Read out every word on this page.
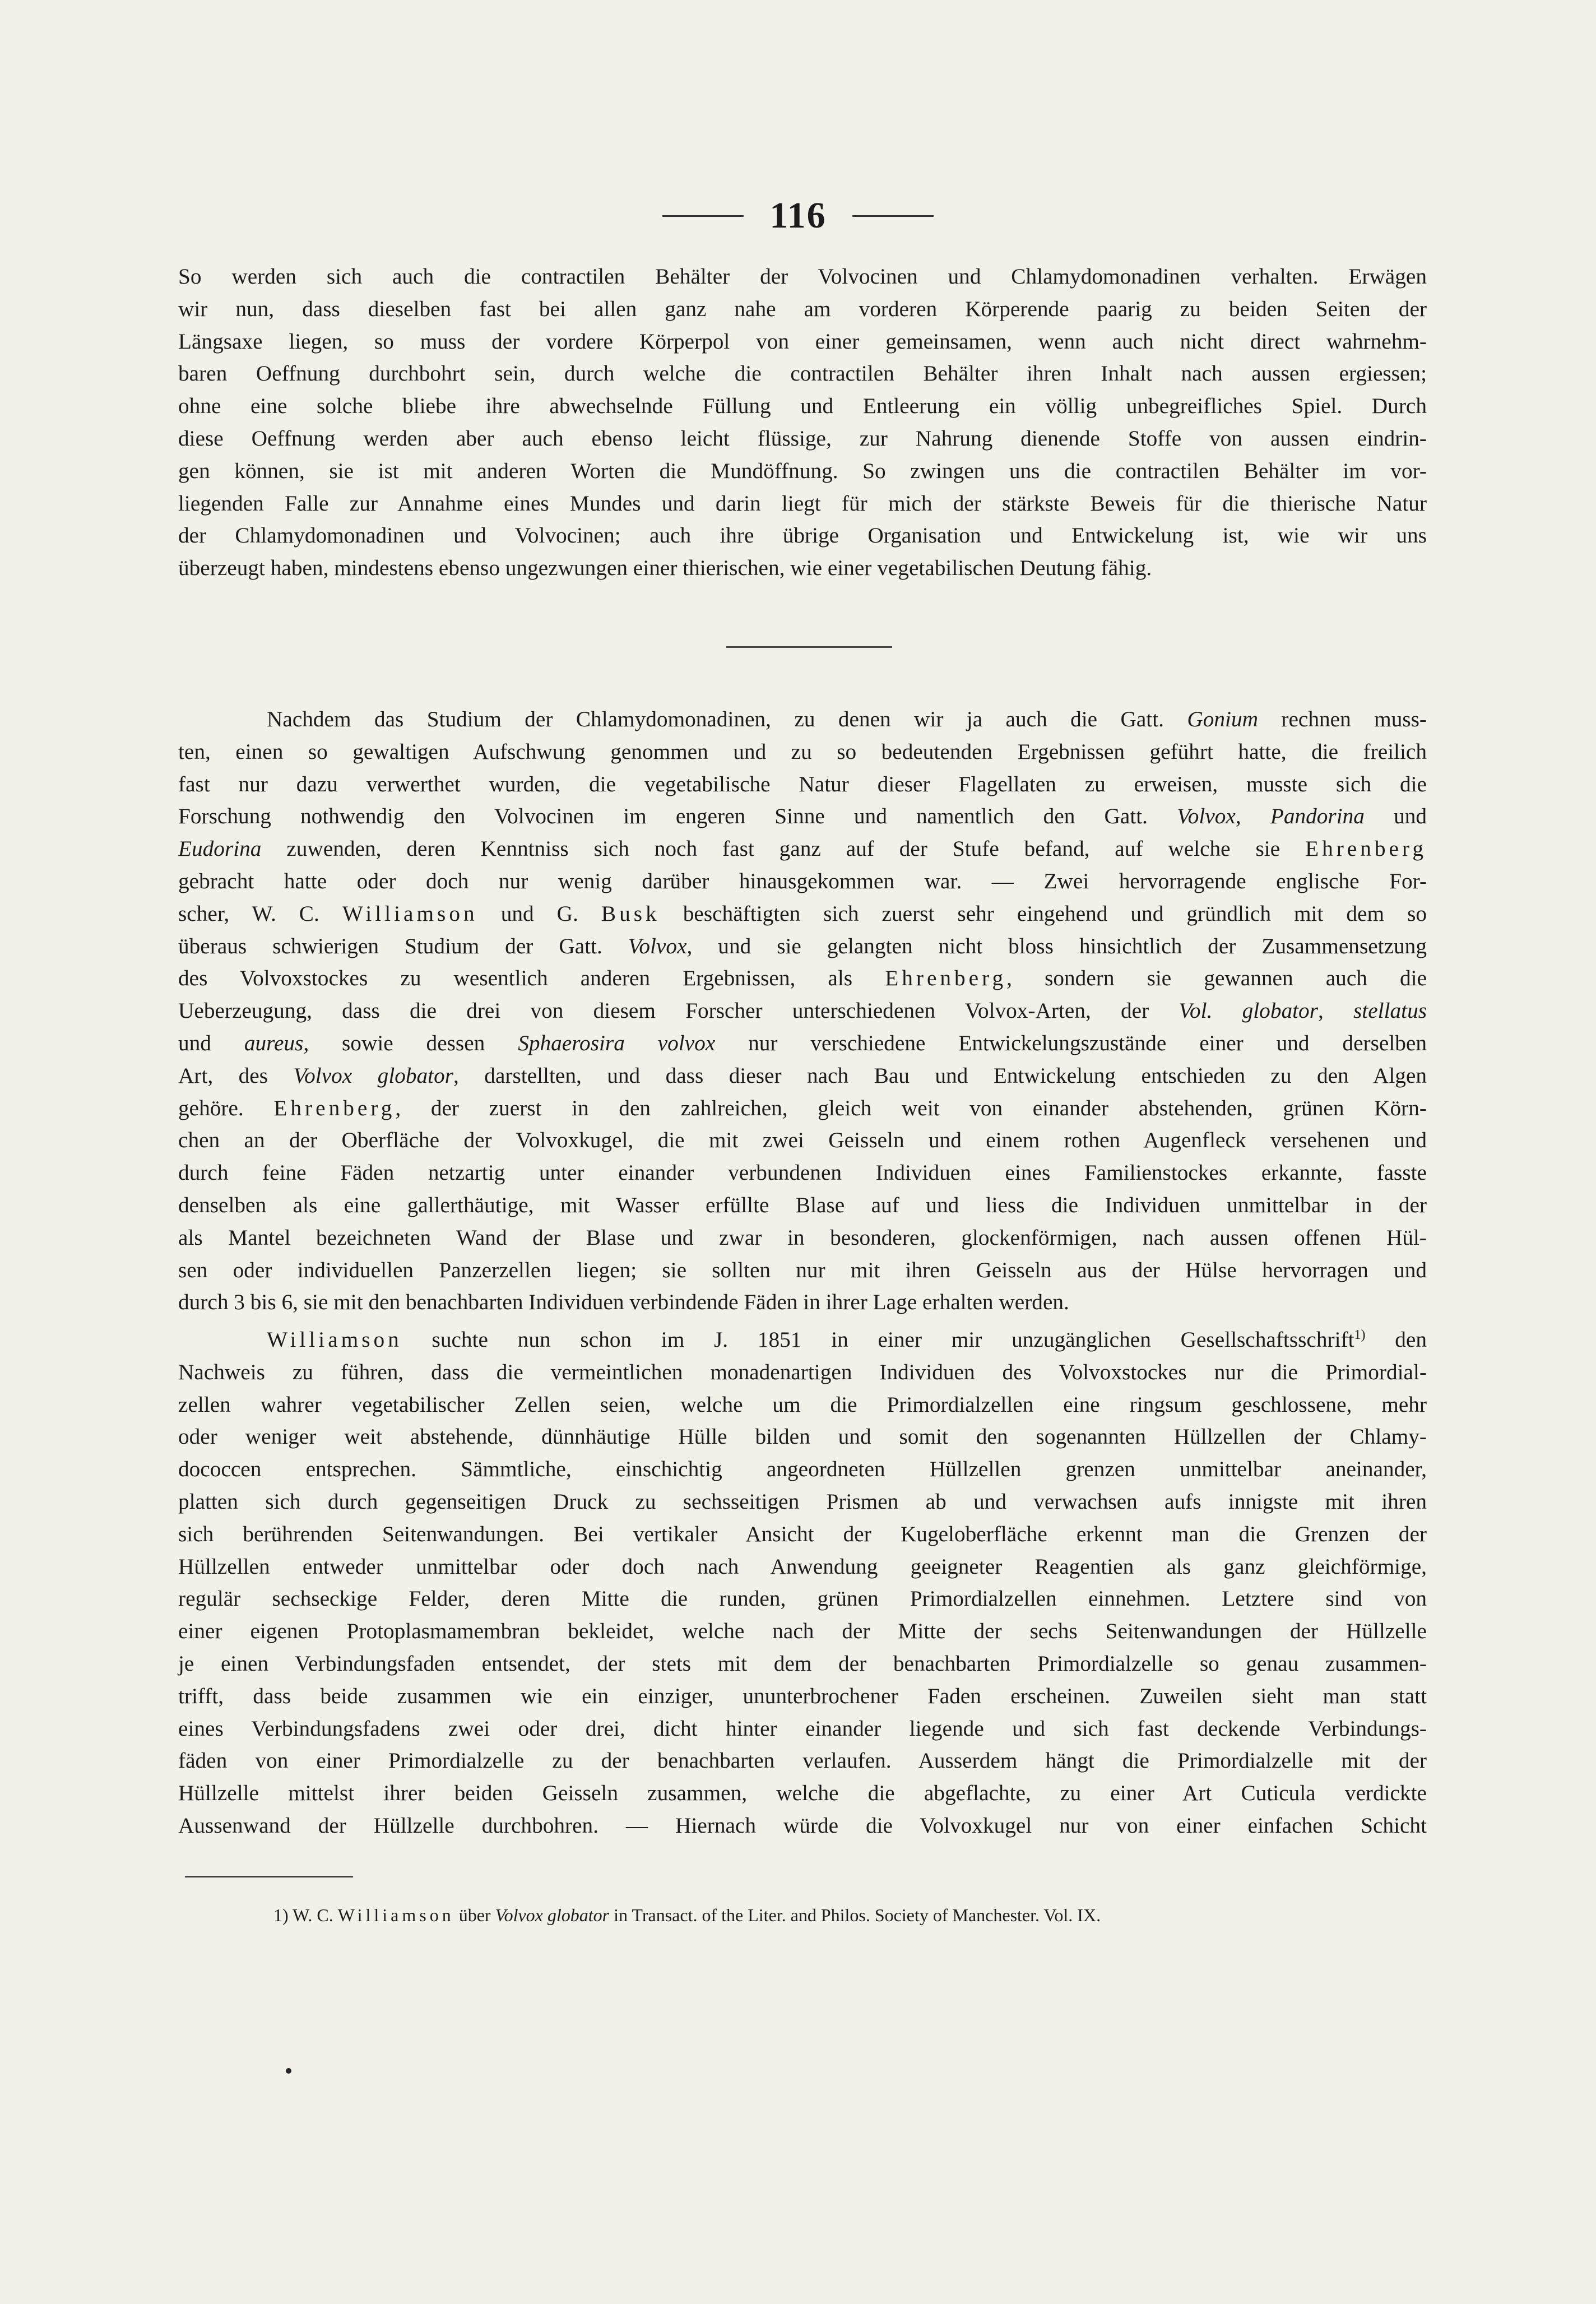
116
So werden sich auch die contractilen Behälter der Volvocinen und Chlamydomonadinen verhalten. Erwägen
wir nun, dass dieselben fast bei allen ganz nahe am vorderen Körperende paarig zu beiden Seiten der
Längsaxe liegen, so muss der vordere Körperpol von einer gemeinsamen, wenn auch nicht direct wahrnehm-
baren Oeffnung durchbohrt sein, durch welche die contractilen Behälter ihren Inhalt nach aussen ergiessen;
ohne eine solche bliebe ihre abwechselnde Füllung und Entleerung ein völlig unbegreifliches Spiel. Durch
diese Oeffnung werden aber auch ebenso leicht flüssige, zur Nahrung dienende Stoffe von aussen eindrin-
gen können, sie ist mit anderen Worten die Mundöffnung. So zwingen uns die contractilen Behälter im vor-
liegenden Falle zur Annahme eines Mundes und darin liegt für mich der stärkste Beweis für die thierische Natur
der Chlamydomonadinen und Volvocinen; auch ihre übrige Organisation und Entwickelung ist, wie wir uns
überzeugt haben, mindestens ebenso ungezwungen einer thierischen, wie einer vegetabilischen Deutung fähig.
Nachdem das Studium der Chlamydomonadinen, zu denen wir ja auch die Gatt. Gonium rechnen muss-
ten, einen so gewaltigen Aufschwung genommen und zu so bedeutenden Ergebnissen geführt hatte, die freilich
fast nur dazu verwerthet wurden, die vegetabilische Natur dieser Flagellaten zu erweisen, musste sich die
Forschung nothwendig den Volvocinen im engeren Sinne und namentlich den Gatt. Volvox, Pandorina und
Eudorina zuwenden, deren Kenntniss sich noch fast ganz auf der Stufe befand, auf welche sie Ehrenberg
gebracht hatte oder doch nur wenig darüber hinausgekommen war. — Zwei hervorragende englische For-
scher, W. C. Williamson und G. Busk beschäftigten sich zuerst sehr eingehend und gründlich mit dem so
überaus schwierigen Studium der Gatt. Volvox, und sie gelangten nicht bloss hinsichtlich der Zusammensetzung
des Volvoxstockes zu wesentlich anderen Ergebnissen, als Ehrenberg, sondern sie gewannen auch die
Ueberzeugung, dass die drei von diesem Forscher unterschiedenen Volvox-Arten, der Vol. globator, stellatus
und aureus, sowie dessen Sphaerosira volvox nur verschiedene Entwickelungszustände einer und derselben
Art, des Volvox globator, darstellten, und dass dieser nach Bau und Entwickelung entschieden zu den Algen
gehöre. Ehrenberg, der zuerst in den zahlreichen, gleich weit von einander abstehenden, grünen Körn-
chen an der Oberfläche der Volvoxkugel, die mit zwei Geisseln und einem rothen Augenfleck versehenen und
durch feine Fäden netzartig unter einander verbundenen Individuen eines Familienstockes erkannte, fasste
denselben als eine gallerthäutige, mit Wasser erfüllte Blase auf und liess die Individuen unmittelbar in der
als Mantel bezeichneten Wand der Blase und zwar in besonderen, glockenförmigen, nach aussen offenen Hül-
sen oder individuellen Panzerzellen liegen; sie sollten nur mit ihren Geisseln aus der Hülse hervorragen und
durch 3 bis 6, sie mit den benachbarten Individuen verbindende Fäden in ihrer Lage erhalten werden.
Williamson suchte nun schon im J. 1851 in einer mir unzugänglichen Gesellschaftsschrift$^{1)}$ den
Nachweis zu führen, dass die vermeintlichen monadenartigen Individuen des Volvoxstockes nur die Primordial-
zellen wahrer vegetabilischer Zellen seien, welche um die Primordialzellen eine ringsum geschlossene, mehr
oder weniger weit abstehende, dünnhäutige Hülle bilden und somit den sogenannten Hüllzellen der Chlamy-
dococcen entsprechen. Sämmtliche, einschichtig angeordneten Hüllzellen grenzen unmittelbar aneinander,
platten sich durch gegenseitigen Druck zu sechsseitigen Prismen ab und verwachsen aufs innigste mit ihren
sich berührenden Seitenwandungen. Bei vertikaler Ansicht der Kugeloberfläche erkennt man die Grenzen der
Hüllzellen entweder unmittelbar oder doch nach Anwendung geeigneter Reagentien als ganz gleichförmige,
regulär sechseckige Felder, deren Mitte die runden, grünen Primordialzellen einnehmen. Letztere sind von
einer eigenen Protoplasmamembran bekleidet, welche nach der Mitte der sechs Seitenwandungen der Hüllzelle
je einen Verbindungsfaden entsendet, der stets mit dem der benachbarten Primordialzelle so genau zusammen-
trifft, dass beide zusammen wie ein einziger, ununterbrochener Faden erscheinen. Zuweilen sieht man statt
eines Verbindungsfadens zwei oder drei, dicht hinter einander liegende und sich fast deckende Verbindungs-
fäden von einer Primordialzelle zu der benachbarten verlaufen. Ausserdem hängt die Primordialzelle mit der
Hüllzelle mittelst ihrer beiden Geisseln zusammen, welche die abgeflachte, zu einer Art Cuticula verdickte
Aussenwand der Hüllzelle durchbohren. — Hiernach würde die Volvoxkugel nur von einer einfachen Schicht
1) W. C. Williamson über Volvox globator in Transact. of the Liter. and Philos. Society of Manchester. Vol. IX.
